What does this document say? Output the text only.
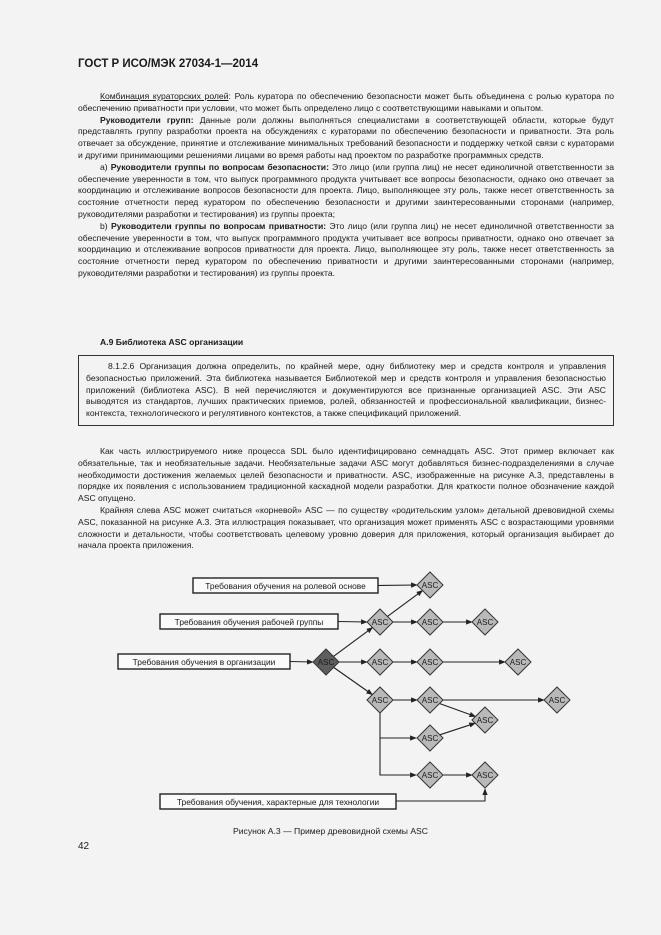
ГОСТ Р ИСО/МЭК 27034-1—2014

Комбинация кураторских ролей: Роль куратора по обеспечению безопасности может быть объединена с ролью куратора по обеспечению приватности при условии, что может быть определено лицо с соответствующими навыками и опытом.

Руководители групп: Данные роли должны выполняться специалистами в соответствующей области, которые будут представлять группу разработки проекта на обсуждениях с кураторами по обеспечению безопасности и приватности. Эта роль отвечает за обсуждение, принятие и отслеживание минимальных требований безопасности и поддержку четкой связи с кураторами и другими принимающими решениями лицами во время работы над проектом по разработке программных средств.

а) Руководители группы по вопросам безопасности: Это лицо (или группа лиц) не несет единоличной ответственности за обеспечение уверенности в том, что выпуск программного продукта учитывает все вопросы безопасности, однако оно отвечает за координацию и отслеживание вопросов безопасности для проекта. Лицо, выполняющее эту роль, также несет ответственность за состояние отчетности перед куратором по обеспечению безопасности и другими заинтересованными сторонами (например, руководителями разработки и тестирования) из группы проекта;

b) Руководители группы по вопросам приватности: Это лицо (или группа лиц) не несет единоличной ответственности за обеспечение уверенности в том, что выпуск программного продукта учитывает все вопросы приватности, однако оно отвечает за координацию и отслеживание вопросов приватности для проекта. Лицо, выполняющее эту роль, также несет ответственность за состояние отчетности перед куратором по обеспечению приватности и другими заинтересованными сторонами (например, руководителями разработки и тестирования) из группы проекта.

А.9 Библиотека ASC организации
8.1.2.6 Организация должна определить, по крайней мере, одну библиотеку мер и средств контроля и управления безопасностью приложений. Эта библиотека называется Библиотекой мер и средств контроля и управления безопасностью приложений (библиотека ASC). В ней перечисляются и документируются все признанные организацией ASC. Эти ASC выводятся из стандартов, лучших практических приемов, ролей, обязанностей и профессиональной квалификации, бизнес-контекста, технологического и регулятивного контекстов, а также спецификаций приложений.

Как часть иллюстрируемого ниже процесса SDL было идентифицировано семнадцать ASC. Этот пример включает как обязательные, так и необязательные задачи. Необязательные задачи ASC могут добавляться бизнес-подразделениями в случае необходимости достижения желаемых целей безопасности и приватности. ASC, изображенные на рисунке А.3, представлены в порядке их появления с использованием традиционной каскадной модели разработки. Для краткости полное обозначение каждой ASC опущено.

Крайняя слева ASC может считаться «корневой» ASC — по существу «родительским узлом» детальной древовидной схемы ASC, показанной на рисунке А.3. Эта иллюстрация показывает, что организация может применять ASC с возрастающими уровнями сложности и детальности, чтобы соответствовать целевому уровню доверия для приложения, который организация выбирает до начала проекта приложения.

Требования обучения на ролевой основе
Требования обучения рабочей группы
Требования обучения в организации
Требования обучения, характерные для технологии
ASC
ASC
ASC
ASC
ASC
ASC
ASC
ASC
ASC
ASC
ASC
ASC
ASC
ASC
ASC
Рисунок А.3 — Пример древовидной схемы ASC
42
